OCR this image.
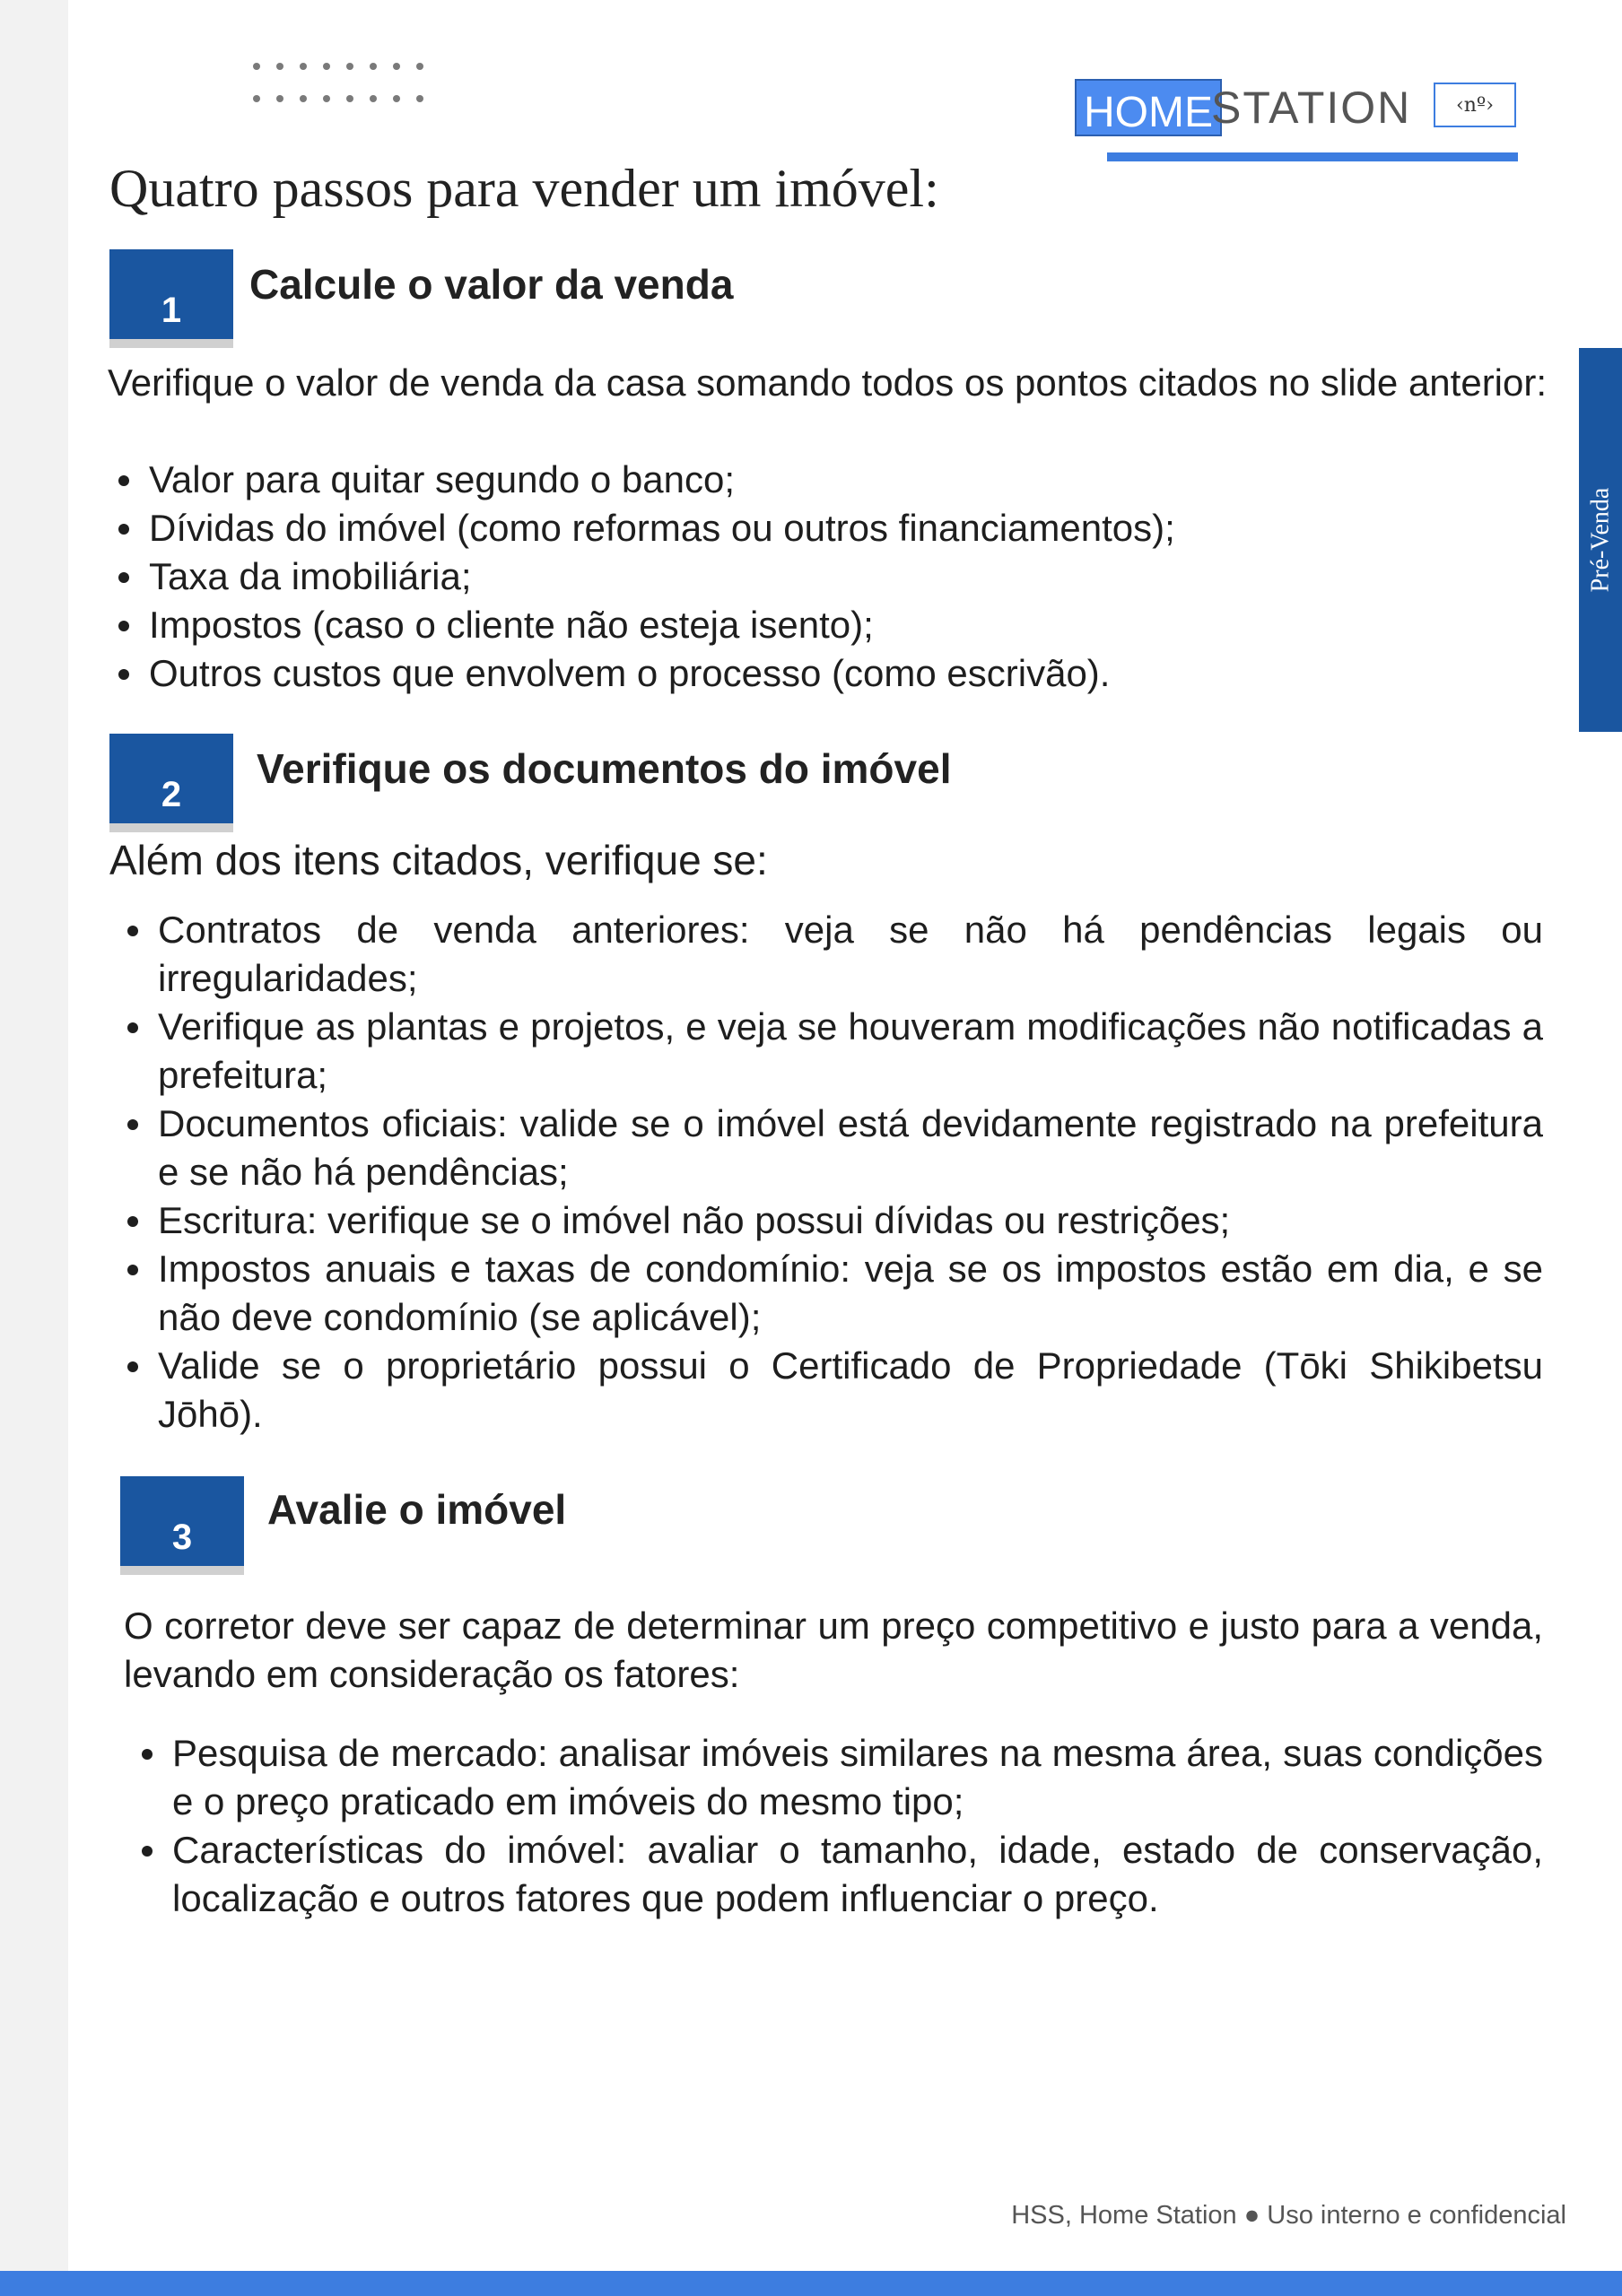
HOME
STATION	‹nº›
Quatro passos para vender um imóvel:
Pré-Venda
1
Calcule o valor da venda

Verifique o valor de venda da casa somando todos os pontos citados no slide anterior:

Valor para quitar segundo o banco;
Dívidas do imóvel (como reformas ou outros financiamentos);
Taxa da imobiliária;
Impostos (caso o cliente não esteja isento);
Outros custos que envolvem o processo (como escrivão).
2
Verifique os documentos do imóvel

Além dos itens citados, verifique se:

Contratos de venda anteriores: veja se não há pendências legais ou irregularidades;
Verifique as plantas e projetos, e veja se houveram modificações não notificadas a prefeitura;
Documentos oficiais: valide se o imóvel está devidamente registrado na prefeitura e se não há pendências;
Escritura: verifique se o imóvel não possui dívidas ou restrições;
Impostos anuais e taxas de condomínio: veja se os impostos estão em dia, e se não deve condomínio (se aplicável);
Valide se o proprietário possui o Certificado de Propriedade (Tōki Shikibetsu Jōhō).
3
Avalie o imóvel

O corretor deve ser capaz de determinar um preço competitivo e justo para a venda, levando em consideração os fatores:

Pesquisa de mercado: analisar imóveis similares na mesma área, suas condições e o preço praticado em imóveis do mesmo tipo;
Características do imóvel: avaliar o tamanho, idade, estado de conservação, localização e outros fatores que podem influenciar o preço.
HSS, Home Station ● Uso interno e confidencial
